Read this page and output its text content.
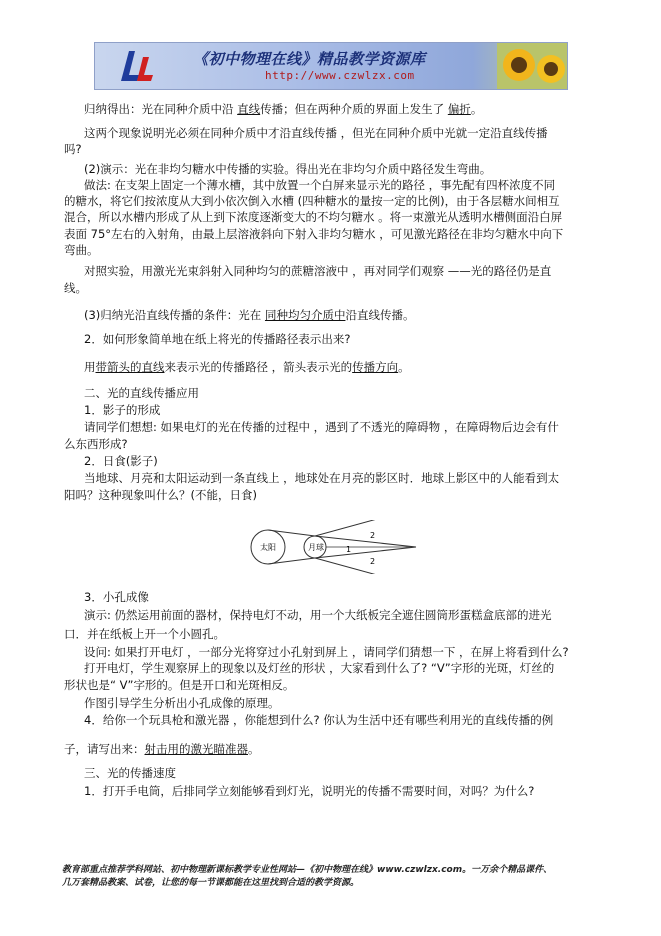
《初中物理在线》精品教学资源库
http://www.czwlzx.com

归纳得出：光在同种介质中沿 直线传播；但在两种介质的界面上发生了 偏折。

这两个现象说明光必须在同种介质中才沿直线传播 ，但光在同种介质中光就一定沿直线传播

吗?

(2)演示：光在非均匀糖水中传播的实验。得出光在非均匀介质中路径发生弯曲。

做法: 在支架上固定一个薄水槽，其中放置一个白屏来显示光的路径 ，事先配有四杯浓度不同

的糖水，将它们按浓度从大到小依次倒入水槽 (四种糖水的量按一定的比例)，由于各层糖水间相互

混合，所以水槽内形成了从上到下浓度逐渐变大的不均匀糖水 。将一束激光从透明水槽侧面沿白屏

表面 75°左右的入射角，由最上层溶液斜向下射入非均匀糖水 ，可见激光路径在非均匀糖水中向下

弯曲。

对照实验，用激光光束斜射入同种均匀的蔗糖溶液中 ，再对同学们观察 ——光的路径仍是直

线。

(3)归纳光沿直线传播的条件：光在 同种均匀介质中沿直线传播。

2．如何形象简单地在纸上将光的传播路径表示出来?

用带箭头的直线来表示光的传播路径 ，箭头表示光的传播方向。

二、光的直线传播应用

1．影子的形成

请同学们想想: 如果电灯的光在传播的过程中 ，遇到了不透光的障碍物 ，在障碍物后边会有什

么东西形成?

2．日食(影子)

当地球、月亮和太阳运动到一条直线上 ，地球处在月亮的影区时．地球上影区中的人能看到太

阳吗？这种现象叫什么？(不能，日食)

太阳	月球	1
2
2

3．小孔成像

演示: 仍然运用前面的器材，保持电灯不动，用一个大纸板完全遮住圆筒形蛋糕盒底部的进光

口．并在纸板上开一个小圆孔。

设问: 如果打开电灯 ，一部分光将穿过小孔射到屏上 ，请同学们猜想一下 ，在屏上将看到什么?

打开电灯，学生观察屏上的现象以及灯丝的形状 ，大家看到什么了? “V”字形的光斑，灯丝的

形状也是“ V”字形的。但是开口和光斑相反。

作图引导学生分析出小孔成像的原理。

4．给你一个玩具枪和激光器 ，你能想到什么? 你认为生活中还有哪些利用光的直线传播的例

子，请写出来：射击用的激光瞄准器。

三、光的传播速度

1．打开手电筒，后排同学立刻能够看到灯光，说明光的传播不需要时间，对吗？为什么?

教育部重点推荐学科网站、初中物理新课标教学专业性网站—《初中物理在线》www.czwlzx.com。一万余个精品课件、
几万套精品教案、试卷，让您的每一节课都能在这里找到合适的教学资源。
